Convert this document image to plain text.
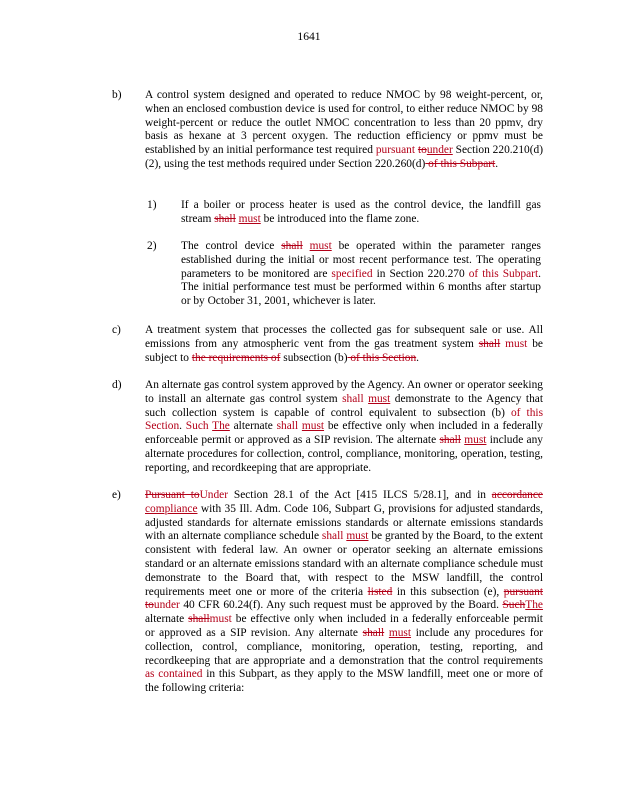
1641
b) A control system designed and operated to reduce NMOC by 98 weight-percent, or, when an enclosed combustion device is used for control, to either reduce NMOC by 98 weight-percent or reduce the outlet NMOC concentration to less than 20 ppmv, dry basis as hexane at 3 percent oxygen. The reduction efficiency or ppmv must be established by an initial performance test required pursuant tounder Section 220.210(d)(2), using the test methods required under Section 220.260(d) of this Subpart.
1) If a boiler or process heater is used as the control device, the landfill gas stream shall must be introduced into the flame zone.
2) The control device shall must be operated within the parameter ranges established during the initial or most recent performance test. The operating parameters to be monitored are specified in Section 220.270 of this Subpart. The initial performance test must be performed within 6 months after startup or by October 31, 2001, whichever is later.
c) A treatment system that processes the collected gas for subsequent sale or use. All emissions from any atmospheric vent from the gas treatment system shall must be subject to the requirements of subsection (b) of this Section.
d) An alternate gas control system approved by the Agency. An owner or operator seeking to install an alternate gas control system shall must demonstrate to the Agency that such collection system is capable of control equivalent to subsection (b) of this Section. Such The alternate shall must be effective only when included in a federally enforceable permit or approved as a SIP revision. The alternate shall must include any alternate procedures for collection, control, compliance, monitoring, operation, testing, reporting, and recordkeeping that are appropriate.
e) Pursuant toUnder Section 28.1 of the Act [415 ILCS 5/28.1], and in accordance compliance with 35 Ill. Adm. Code 106, Subpart G, provisions for adjusted standards, adjusted standards for alternate emissions standards or alternate emissions standards with an alternate compliance schedule shall must be granted by the Board, to the extent consistent with federal law. An owner or operator seeking an alternate emissions standard or an alternate emissions standard with an alternate compliance schedule must demonstrate to the Board that, with respect to the MSW landfill, the control requirements meet one or more of the criteria listed in this subsection (e), pursuant tounder 40 CFR 60.24(f). Any such request must be approved by the Board. SuchThe alternate shallmust be effective only when included in a federally enforceable permit or approved as a SIP revision. Any alternate shall must include any procedures for collection, control, compliance, monitoring, operation, testing, reporting, and recordkeeping that are appropriate and a demonstration that the control requirements as contained in this Subpart, as they apply to the MSW landfill, meet one or more of the following criteria:
